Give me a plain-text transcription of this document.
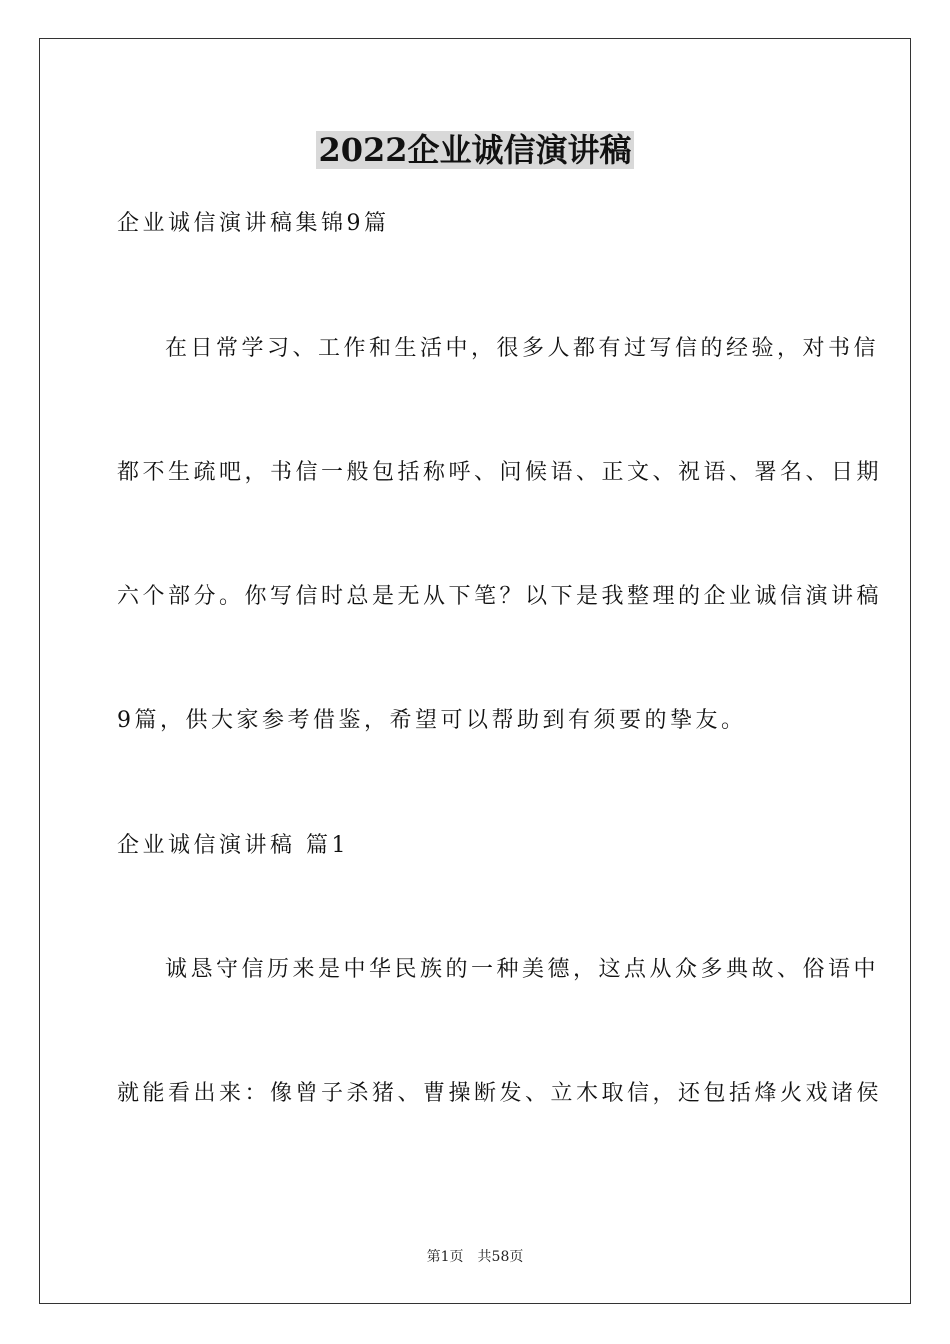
2022企业诚信演讲稿
企业诚信演讲稿集锦9篇
在日常学习、工作和生活中，很多人都有过写信的经验，对书信
都不生疏吧，书信一般包括称呼、问候语、正文、祝语、署名、日期
六个部分。你写信时总是无从下笔？以下是我整理的企业诚信演讲稿
9篇，供大家参考借鉴，希望可以帮助到有须要的挚友。
企业诚信演讲稿 篇1
诚恳守信历来是中华民族的一种美德，这点从众多典故、俗语中
就能看出来：像曾子杀猪、曹操断发、立木取信，还包括烽火戏诸侯
第1页　共58页
